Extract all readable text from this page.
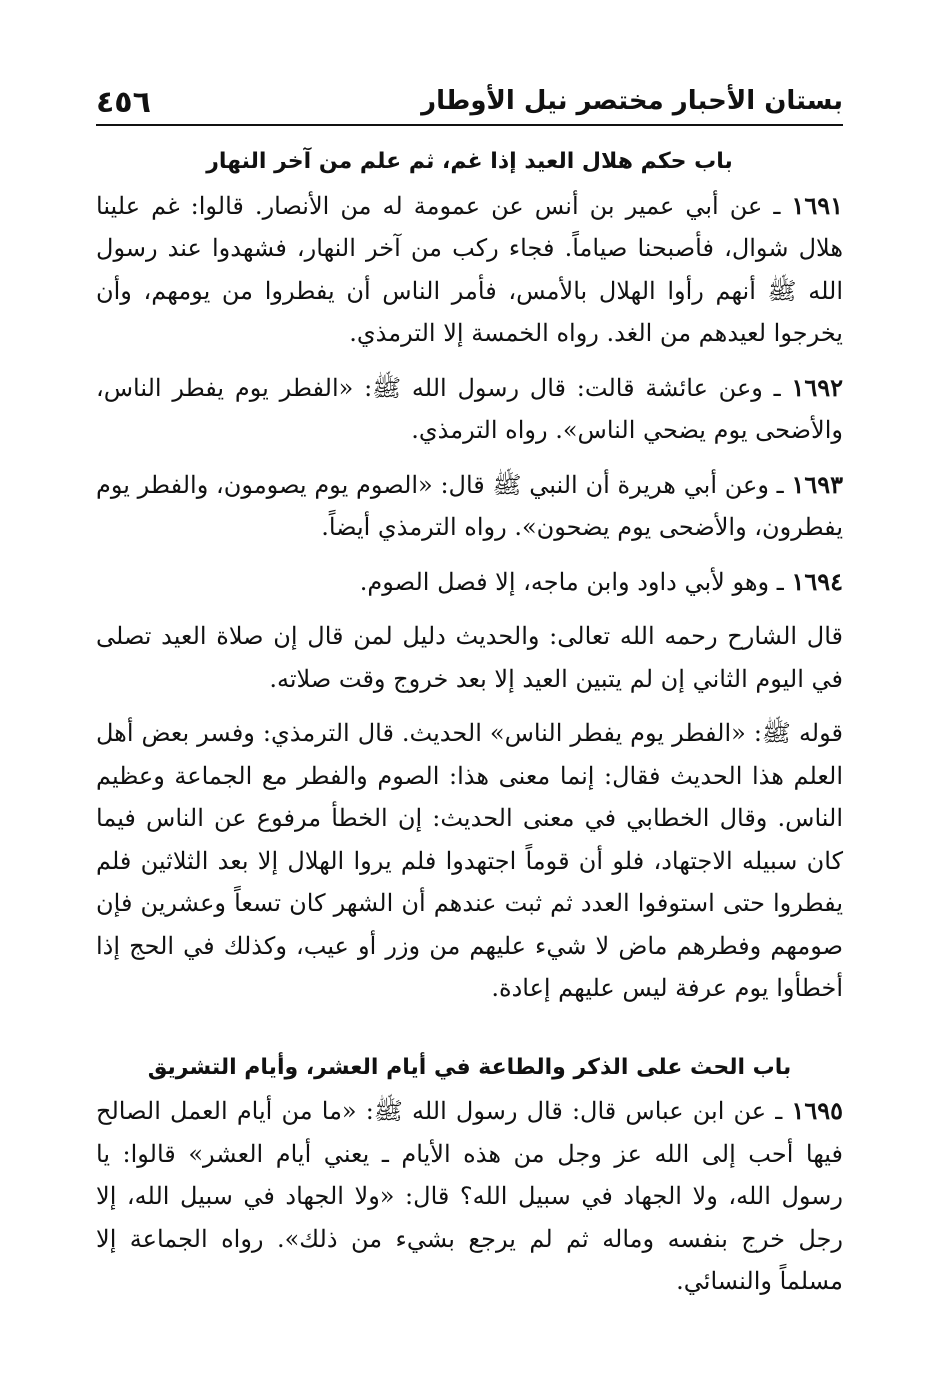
بستان الأحبار مختصر نيل الأوطار
٤٥٦
باب حكم هلال العيد إذا غم، ثم علم من آخر النهار

١٦٩١ ـ عن أبي عمير بن أنس عن عمومة له من الأنصار. قالوا: غم علينا هلال شوال، فأصبحنا صياماً. فجاء ركب من آخر النهار، فشهدوا عند رسول الله ﷺ أنهم رأوا الهلال بالأمس، فأمر الناس أن يفطروا من يومهم، وأن يخرجوا لعيدهم من الغد. رواه الخمسة إلا الترمذي.

١٦٩٢ ـ وعن عائشة قالت: قال رسول الله ﷺ: «الفطر يوم يفطر الناس، والأضحى يوم يضحي الناس». رواه الترمذي.

١٦٩٣ ـ وعن أبي هريرة أن النبي ﷺ قال: «الصوم يوم يصومون، والفطر يوم يفطرون، والأضحى يوم يضحون». رواه الترمذي أيضاً.

١٦٩٤ ـ وهو لأبي داود وابن ماجه، إلا فصل الصوم.

قال الشارح رحمه الله تعالى: والحديث دليل لمن قال إن صلاة العيد تصلى في اليوم الثاني إن لم يتبين العيد إلا بعد خروج وقت صلاته.

قوله ﷺ: «الفطر يوم يفطر الناس» الحديث. قال الترمذي: وفسر بعض أهل العلم هذا الحديث فقال: إنما معنى هذا: الصوم والفطر مع الجماعة وعظيم الناس. وقال الخطابي في معنى الحديث: إن الخطأ مرفوع عن الناس فيما كان سبيله الاجتهاد، فلو أن قوماً اجتهدوا فلم يروا الهلال إلا بعد الثلاثين فلم يفطروا حتى استوفوا العدد ثم ثبت عندهم أن الشهر كان تسعاً وعشرين فإن صومهم وفطرهم ماض لا شيء عليهم من وزر أو عيب، وكذلك في الحج إذا أخطأوا يوم عرفة ليس عليهم إعادة.

باب الحث على الذكر والطاعة في أيام العشر، وأيام التشريق

١٦٩٥ ـ عن ابن عباس قال: قال رسول الله ﷺ: «ما من أيام العمل الصالح فيها أحب إلى الله عز وجل من هذه الأيام ـ يعني أيام العشر» قالوا: يا رسول الله، ولا الجهاد في سبيل الله؟ قال: «ولا الجهاد في سبيل الله، إلا رجل خرج بنفسه وماله ثم لم يرجع بشيء من ذلك». رواه الجماعة إلا مسلماً والنسائي.
